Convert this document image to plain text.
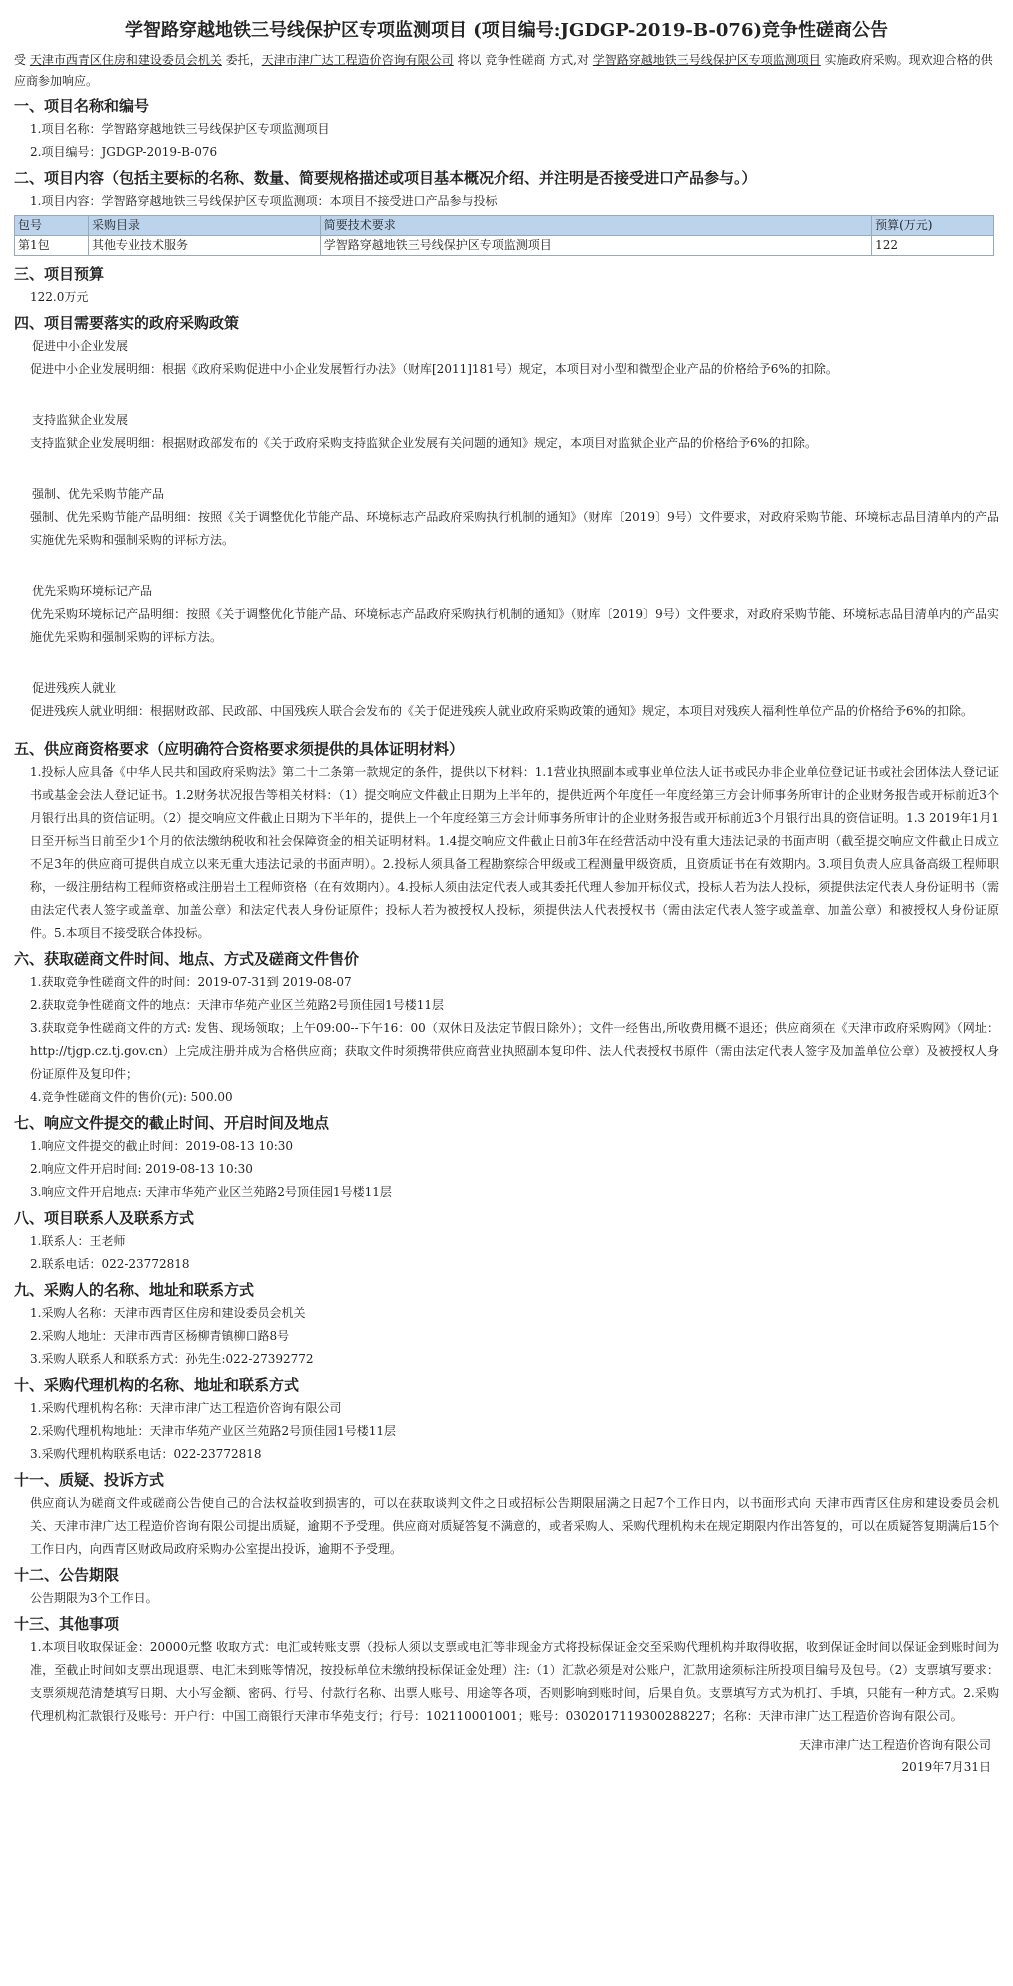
学智路穿越地铁三号线保护区专项监测项目 (项目编号:JGDGP-2019-B-076)竞争性磋商公告

受 天津市西青区住房和建设委员会机关 委托，天津市津广达工程造价咨询有限公司 将以 竞争性磋商 方式,对 学智路穿越地铁三号线保护区专项监测项目 实施政府采购。现欢迎合格的供应商参加响应。

一、项目名称和编号

1.项目名称：学智路穿越地铁三号线保护区专项监测项目

2.项目编号：JGDGP-2019-B-076

二、项目内容（包括主要标的名称、数量、简要规格描述或项目基本概况介绍、并注明是否接受进口产品参与。）

1.项目内容：学智路穿越地铁三号线保护区专项监测项：本项目不接受进口产品参与投标

包号	采购目录	简要技术要求	预算(万元)
第1包	其他专业技术服务	学智路穿越地铁三号线保护区专项监测项目	122
三、项目预算

122.0万元

四、项目需要落实的政府采购政策

促进中小企业发展

促进中小企业发展明细：根据《政府采购促进中小企业发展暂行办法》（财库[2011]181号）规定，本项目对小型和微型企业产品的价格给予6%的扣除。

支持监狱企业发展

支持监狱企业发展明细：根据财政部发布的《关于政府采购支持监狱企业发展有关问题的通知》规定，本项目对监狱企业产品的价格给予6%的扣除。

强制、优先采购节能产品

强制、优先采购节能产品明细：按照《关于调整优化节能产品、环境标志产品政府采购执行机制的通知》（财库〔2019〕9号）文件要求，对政府采购节能、环境标志品目清单内的产品实施优先采购和强制采购的评标方法。

优先采购环境标记产品

优先采购环境标记产品明细：按照《关于调整优化节能产品、环境标志产品政府采购执行机制的通知》（财库〔2019〕9号）文件要求，对政府采购节能、环境标志品目清单内的产品实施优先采购和强制采购的评标方法。

促进残疾人就业

促进残疾人就业明细：根据财政部、民政部、中国残疾人联合会发布的《关于促进残疾人就业政府采购政策的通知》规定，本项目对残疾人福利性单位产品的价格给予6%的扣除。

五、供应商资格要求（应明确符合资格要求须提供的具体证明材料）

1.投标人应具备《中华人民共和国政府采购法》第二十二条第一款规定的条件，提供以下材料：1.1营业执照副本或事业单位法人证书或民办非企业单位登记证书或社会团体法人登记证书或基金会法人登记证书。1.2财务状况报告等相关材料：（1）提交响应文件截止日期为上半年的，提供近两个年度任一年度经第三方会计师事务所审计的企业财务报告或开标前近3个月银行出具的资信证明。（2）提交响应文件截止日期为下半年的，提供上一个年度经第三方会计师事务所审计的企业财务报告或开标前近3个月银行出具的资信证明。1.3 2019年1月1日至开标当日前至少1个月的依法缴纳税收和社会保障资金的相关证明材料。1.4提交响应文件截止日前3年在经营活动中没有重大违法记录的书面声明（截至提交响应文件截止日成立不足3年的供应商可提供自成立以来无重大违法记录的书面声明）。2.投标人须具备工程勘察综合甲级或工程测量甲级资质，且资质证书在有效期内。3.项目负责人应具备高级工程师职称，一级注册结构工程师资格或注册岩土工程师资格（在有效期内）。4.投标人须由法定代表人或其委托代理人参加开标仪式，投标人若为法人投标，须提供法定代表人身份证明书（需由法定代表人签字或盖章、加盖公章）和法定代表人身份证原件；投标人若为被授权人投标，须提供法人代表授权书（需由法定代表人签字或盖章、加盖公章）和被授权人身份证原件。5.本项目不接受联合体投标。

六、获取磋商文件时间、地点、方式及磋商文件售价

1.获取竞争性磋商文件的时间：2019-07-31到 2019-08-07

2.获取竞争性磋商文件的地点：天津市华苑产业区兰苑路2号顶佳园1号楼11层

3.获取竞争性磋商文件的方式: 发售、现场领取；上午09:00--下午16：00（双休日及法定节假日除外）；文件一经售出,所收费用概不退还；供应商须在《天津市政府采购网》（网址：http://tjgp.cz.tj.gov.cn）上完成注册并成为合格供应商；获取文件时须携带供应商营业执照副本复印件、法人代表授权书原件（需由法定代表人签字及加盖单位公章）及被授权人身份证原件及复印件；

4.竞争性磋商文件的售价(元): 500.00

七、响应文件提交的截止时间、开启时间及地点

1.响应文件提交的截止时间：2019-08-13 10:30

2.响应文件开启时间: 2019-08-13 10:30

3.响应文件开启地点: 天津市华苑产业区兰苑路2号顶佳园1号楼11层

八、项目联系人及联系方式

1.联系人：王老师

2.联系电话：022-23772818

九、采购人的名称、地址和联系方式

1.采购人名称：天津市西青区住房和建设委员会机关

2.采购人地址：天津市西青区杨柳青镇柳口路8号

3.采购人联系人和联系方式：孙先生:022-27392772

十、采购代理机构的名称、地址和联系方式

1.采购代理机构名称：天津市津广达工程造价咨询有限公司

2.采购代理机构地址：天津市华苑产业区兰苑路2号顶佳园1号楼11层

3.采购代理机构联系电话：022-23772818

十一、质疑、投诉方式

供应商认为磋商文件或磋商公告使自己的合法权益收到损害的，可以在获取谈判文件之日或招标公告期限届满之日起7个工作日内，以书面形式向 天津市西青区住房和建设委员会机关、天津市津广达工程造价咨询有限公司提出质疑，逾期不予受理。供应商对质疑答复不满意的，或者采购人、采购代理机构未在规定期限内作出答复的，可以在质疑答复期满后15个工作日内，向西青区财政局政府采购办公室提出投诉，逾期不予受理。

十二、公告期限

公告期限为3个工作日。

十三、其他事项

1.本项目收取保证金：20000元整 收取方式：电汇或转账支票（投标人须以支票或电汇等非现金方式将投标保证金交至采购代理机构并取得收据，收到保证金时间以保证金到账时间为准，至截止时间如支票出现退票、电汇未到账等情况，按投标单位未缴纳投标保证金处理）注:（1）汇款必须是对公账户，汇款用途须标注所投项目编号及包号。（2）支票填写要求：支票须规范清楚填写日期、大小写金额、密码、行号、付款行名称、出票人账号、用途等各项，否则影响到账时间，后果自负。支票填写方式为机打、手填，只能有一种方式。2.采购代理机构汇款银行及账号：开户行：中国工商银行天津市华苑支行；行号：102110001001；账号：0302017119300288227；名称：天津市津广达工程造价咨询有限公司。

天津市津广达工程造价咨询有限公司
2019年7月31日
